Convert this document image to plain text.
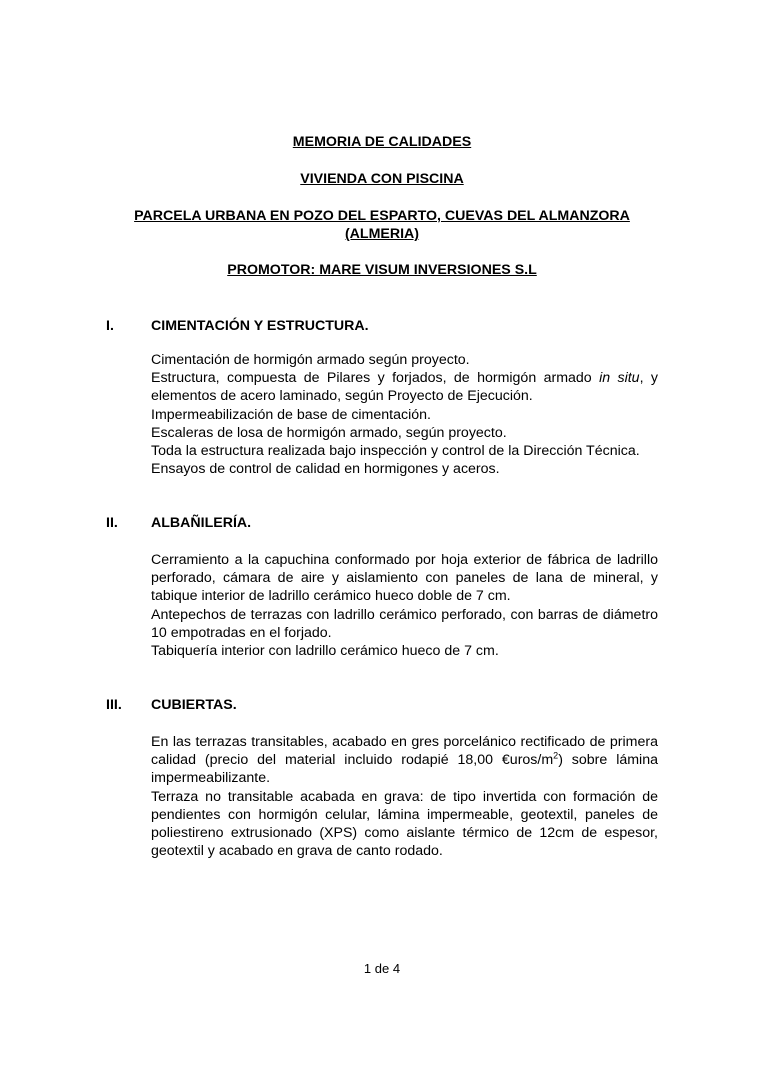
MEMORIA DE CALIDADES
VIVIENDA CON PISCINA
PARCELA URBANA EN POZO DEL ESPARTO, CUEVAS DEL ALMANZORA (ALMERIA)
PROMOTOR: MARE VISUM INVERSIONES S.L
I.	CIMENTACIÓN Y ESTRUCTURA.

Cimentación de hormigón armado según proyecto.

Estructura, compuesta de Pilares y forjados, de hormigón armado in situ, y elementos de acero laminado, según Proyecto de Ejecución.

Impermeabilización de base de cimentación.

Escaleras de losa de hormigón armado, según proyecto.

Toda la estructura realizada bajo inspección y control de la Dirección Técnica.

Ensayos de control de calidad en hormigones y aceros.

II. ALBAÑILERÍA.

Cerramiento a la capuchina conformado por hoja exterior de fábrica de ladrillo perforado, cámara de aire y aislamiento con paneles de lana de mineral, y tabique interior de ladrillo cerámico hueco doble de 7 cm.

Antepechos de terrazas con ladrillo cerámico perforado, con barras de diámetro 10 empotradas en el forjado.

Tabiquería interior con ladrillo cerámico hueco de 7 cm.

III. CUBIERTAS.

En las terrazas transitables, acabado en gres porcelánico rectificado de primera calidad (precio del material incluido rodapié 18,00 $€uros/m^2$) sobre lámina impermeabilizante.

Terraza no transitable acabada en grava: de tipo invertida con formación de pendientes con hormigón celular, lámina impermeable, geotextil, paneles de poliestireno extrusionado (XPS) como aislante térmico de 12cm de espesor, geotextil y acabado en grava de canto rodado.

1 de 4
